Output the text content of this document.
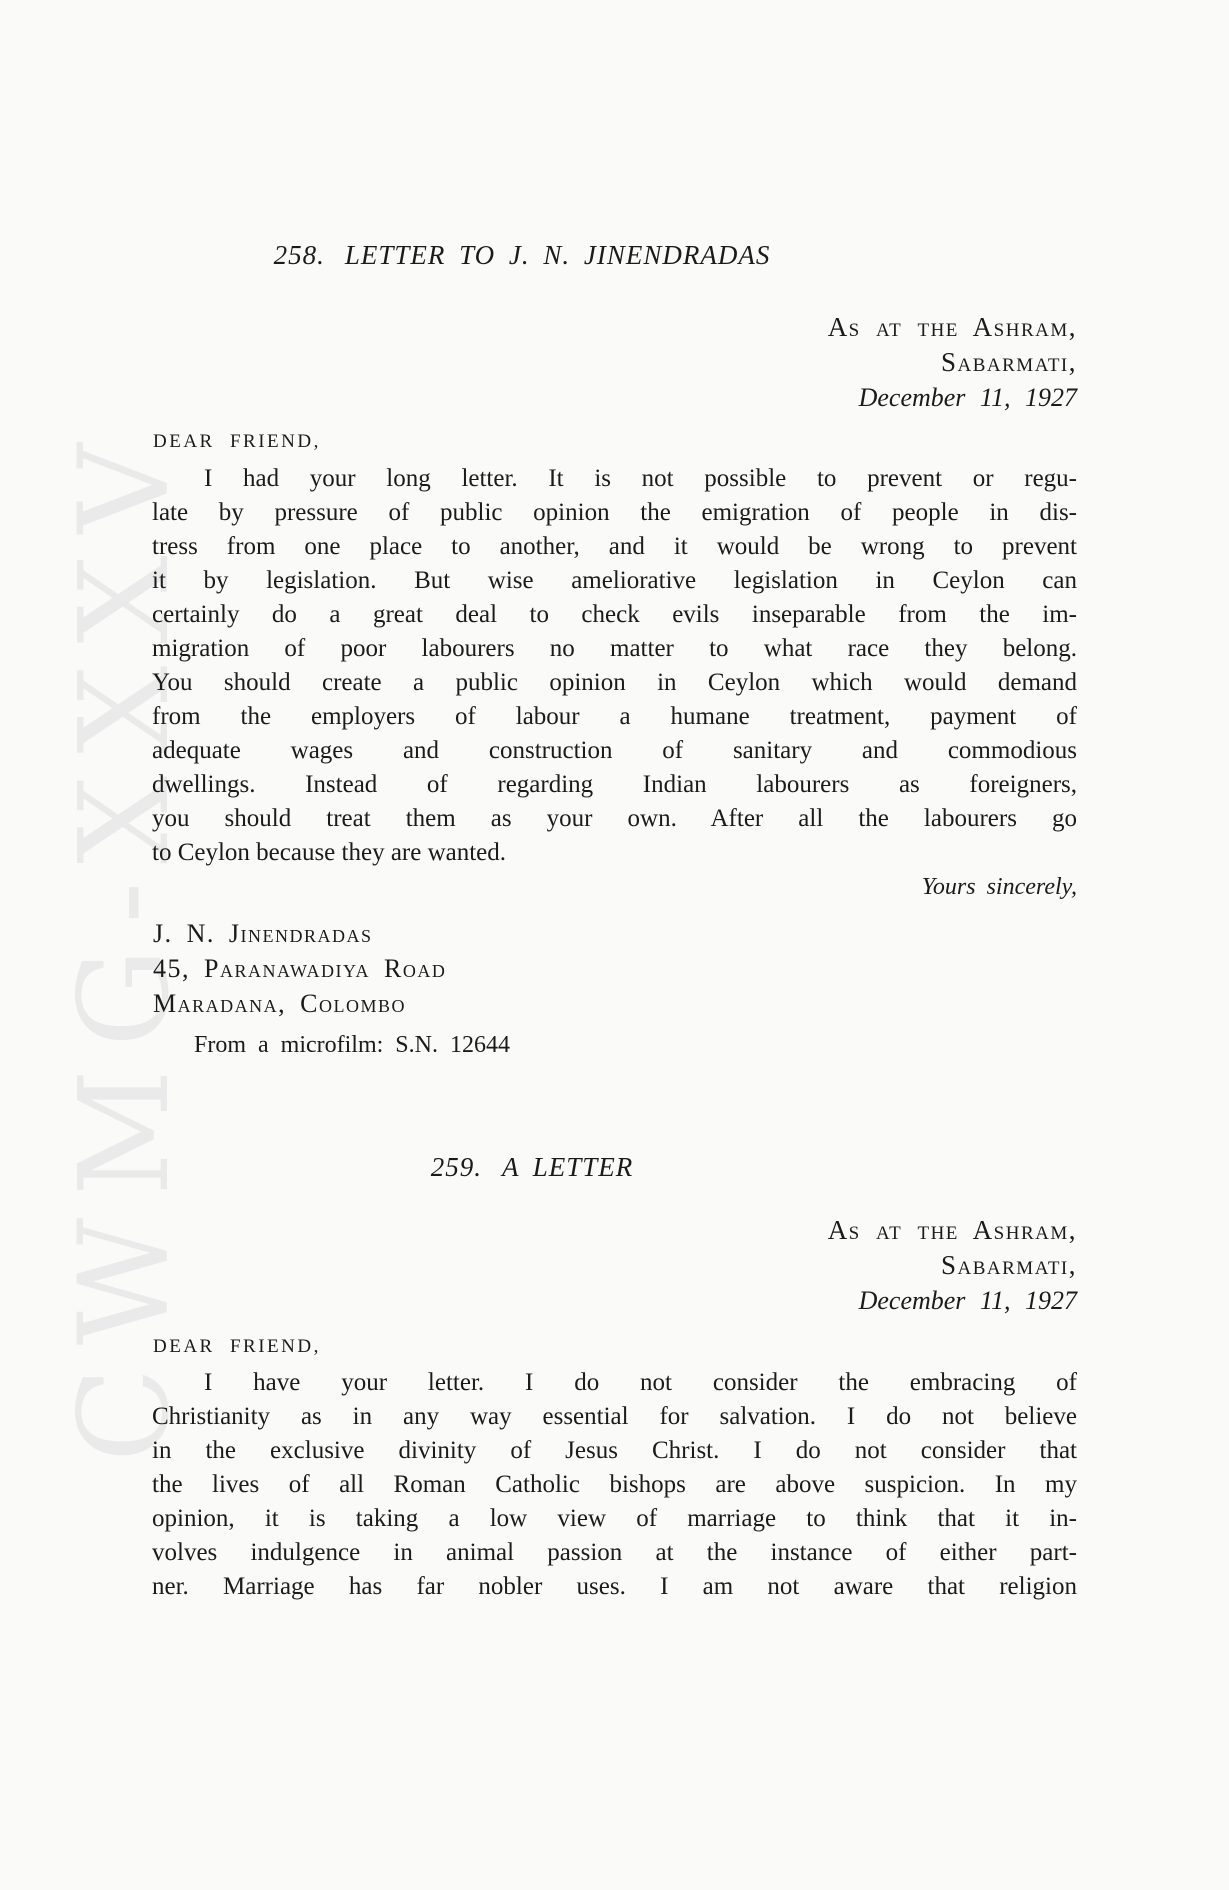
CWMG-XXXV
258. LETTER TO J. N. JINENDRADAS
As at the Ashram,
Sabarmati,
December 11, 1927
DEAR FRIEND,
I had your long letter. It is not possible to prevent or regu-
late by pressure of public opinion the emigration of people in dis-
tress from one place to another, and it would be wrong to prevent
it by legislation. But wise ameliorative legislation in Ceylon can
certainly do a great deal to check evils inseparable from the im-
migration of poor labourers no matter to what race they belong.
You should create a public opinion in Ceylon which would demand
from the employers of labour a humane treatment, payment of
adequate wages and construction of sanitary and commodious
dwellings. Instead of regarding Indian labourers as foreigners,
you should treat them as your own. After all the labourers go
to Ceylon because they are wanted.
Yours sincerely,
J. N. Jinendradas
45, Paranawadiya Road
Maradana, Colombo
From a microfilm: S.N. 12644
259. A LETTER
As at the Ashram,
Sabarmati,
December 11, 1927
DEAR FRIEND,
I have your letter. I do not consider the embracing of
Christianity as in any way essential for salvation. I do not believe
in the exclusive divinity of Jesus Christ. I do not consider that
the lives of all Roman Catholic bishops are above suspicion. In my
opinion, it is taking a low view of marriage to think that it in-
volves indulgence in animal passion at the instance of either part-
ner. Marriage has far nobler uses. I am not aware that religion
